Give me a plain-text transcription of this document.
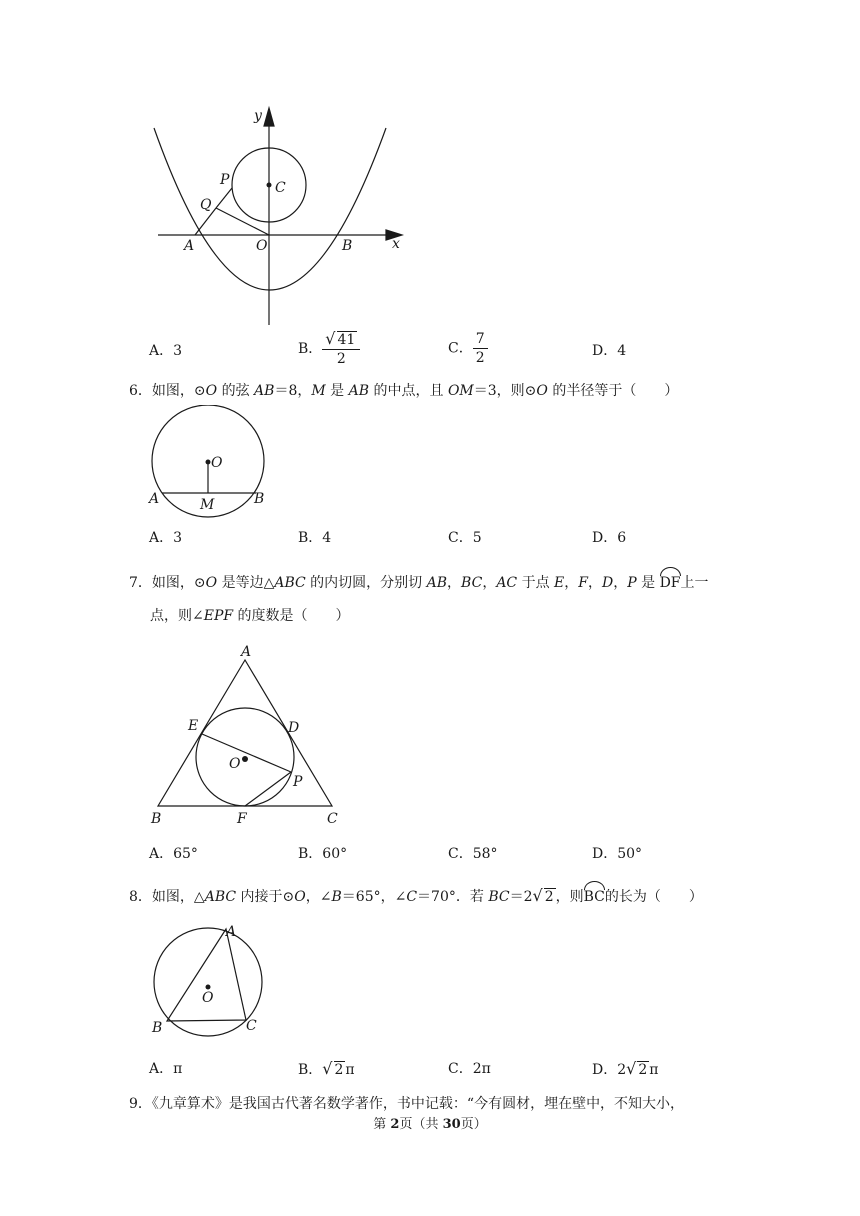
y
x
A	O	B
C
P
Q
A．3	B． $\frac{√ 41}{2}$	C． $\frac{7}{2}$	D．4
6．如图，⊙O 的弦 AB＝8，M 是 AB 的中点，且 OM＝3，则⊙O 的半径等于（　　）
O
A	B
M
A．3	B．4	C．5	D．6
7．如图，⊙O 是等边△ABC 的内切圆，分别切 AB，BC，AC 于点 E，F，D，P 是 DF上一
点，则∠EPF 的度数是（　　）
A
B	C
D
E
F
O
P
A．65°	B．60°	C．58°	D．50°
8．如图，△ABC 内接于⊙O，∠B＝65°，∠C＝70°．若 BC＝2√ 2 ，则BC的长为（　　）
A
B	C
O
A．π	B．√ 2 π	C．2π	D．2√ 2 π
9．《九章算术》是我国古代著名数学著作，书中记载：“今有圆材，埋在壁中，不知大小，
第 2页（共 30页）
